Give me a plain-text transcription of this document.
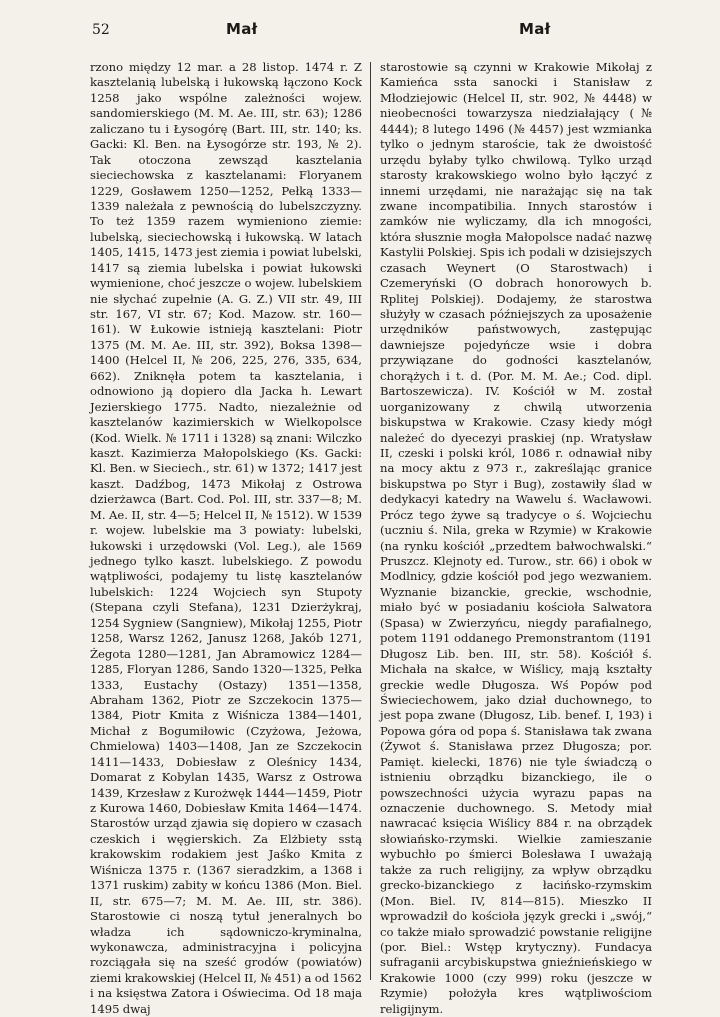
52	Mał	Mał

rzono między 12 mar. a 28 listop. 1474 r. Z kasztelanią lubelską i łukowską łączono Kock 1258 jako wspólne zależności wojew. sandomierskiego (M. M. Ae. III, str. 63); 1286 zaliczano tu i Łysogórę (Bart. III, str. 140; ks. Gacki: Kl. Ben. na Łysogórze str. 193, № 2). Tak otoczona zewsząd kasztelania sieciechowska z kasztelanami: Floryanem 1229, Gosławem 1250—1252, Pełką 1333—1339 należała z pewnością do lubelszczyzny. To też 1359 razem wymieniono ziemie: lubelską, sieciechowską i łukowską. W latach 1405, 1415, 1473 jest ziemia i powiat lubelski, 1417 są ziemia lubelska i powiat łukowski wymienione, choć jeszcze o wojew. lubelskiem nie słychać zupełnie (A. G. Z.) VII str. 49, III str. 167, VI str. 67; Kod. Mazow. str. 160—161). W Łukowie istnieją kasztelani: Piotr 1375 (M. M. Ae. III, str. 392), Boksa 1398—1400 (Helcel II, № 206, 225, 276, 335, 634, 662). Zniknęła potem ta kasztelania, i odnowiono ją dopiero dla Jacka h. Lewart Jezierskiego 1775. Nadto, niezależnie od kasztelanów kazimierskich w Wielkopolsce (Kod. Wielk. № 1711 i 1328) są znani: Wilczko kaszt. Kazimierza Małopolskiego (Ks. Gacki: Kl. Ben. w Sieciech., str. 61) w 1372; 1417 jest kaszt. Dadźbog, 1473 Mikołaj z Ostrowa dzierżawca (Bart. Cod. Pol. III, str. 337—8; M. M. Ae. II, str. 4—5; Helcel II, № 1512). W 1539 r. wojew. lubelskie ma 3 powiaty: lubelski, łukowski i urzędowski (Vol. Leg.), ale 1569 jednego tylko kaszt. lubelskiego. Z powodu wątpliwości, podajemy tu listę kasztelanów lubelskich: 1224 Wojciech syn Stupoty (Stepana czyli Stefana), 1231 Dzierżykraj, 1254 Sygniew (Sangniew), Mikołaj 1255, Piotr 1258, Warsz 1262, Janusz 1268, Jakób 1271, Żegota 1280—1281, Jan Abramowicz 1284—1285, Floryan 1286, Sando 1320—1325, Pełka 1333, Eustachy (Ostazy) 1351—1358, Abraham 1362, Piotr ze Szczekocin 1375—1384, Piotr Kmita z Wiśnicza 1384—1401, Michał z Bogumiłowic (Czyżowa, Jeżowa, Chmielowa) 1403—1408, Jan ze Szczekocin 1411—1433, Dobiesław z Oleśnicy 1434, Domarat z Kobylan 1435, Warsz z Ostrowa 1439, Krzesław z Kurożwęk 1444—1459, Piotr z Kurowa 1460, Dobiesław Kmita 1464—1474. Starostów urząd zjawia się dopiero w czasach czeskich i węgierskich. Za Elżbiety sstą krakowskim rodakiem jest Jaśko Kmita z Wiśnicza 1375 r. (1367 sieradzkim, a 1368 i 1371 ruskim) zabity w końcu 1386 (Mon. Biel. II, str. 675—7; M. M. Ae. III, str. 386). Starostowie ci noszą tytuł jeneralnych bo władza ich sądowniczo-kryminalna, wykonawcza, administracyjna i policyjna rozciągała się na sześć grodów (powiatów) ziemi krakowskiej (Helcel II, № 451) a od 1562 i na księstwa Zatora i Oświecima. Od 18 maja 1495 dwaj

starostowie są czynni w Krakowie Mikołaj z Kamieńca ssta sanocki i Stanisław z Młodziejowic (Helcel II, str. 902, № 4448) w nieobecności towarzysza niedziałający (№ 4444); 8 lutego 1496 (№ 4457) jest wzmianka tylko o jednym staroście, tak że dwoistość urzędu byłaby tylko chwilową. Tylko urząd starosty krakowskiego wolno było łączyć z innemi urzędami, nie narażając się na tak zwane incompatibilia. Innych starostów i zamków nie wyliczamy, dla ich mnogości, która słusznie mogła Małopolsce nadać nazwę Kastylii Polskiej. Spis ich podali w dzisiejszych czasach Weynert (O Starostwach) i Czemeryński (O dobrach honorowych b. Rplitej Polskiej). Dodajemy, że starostwa służyły w czasach późniejszych za uposażenie urzędników państwowych, zastępując dawniejsze pojedyńcze wsie i dobra przywiązane do godności kasztelanów, chorążych i t. d. (Por. M. M. Ae.; Cod. dipl. Bartoszewicza). IV. Kościół w M. został uorganizowany z chwilą utworzenia biskupstwa w Krakowie. Czasy kiedy mógł należeć do dyecezyi praskiej (np. Wratysław II, czeski i polski król, 1086 r. odnawiał niby na mocy aktu z 973 r., zakreślając granice biskupstwa po Styr i Bug), zostawiły ślad w dedykacyi katedry na Wawelu ś. Wacławowi. Prócz tego żywe są tradycye o ś. Wojciechu (uczniu ś. Nila, greka w Rzymie) w Krakowie (na rynku kościół „przedtem bałwochwalski.“ Pruszcz. Klejnoty ed. Turow., str. 66) i obok w Modlnicy, gdzie kościół pod jego wezwaniem. Wyznanie bizanckie, greckie, wschodnie, miało być w posiadaniu kościoła Salwatora (Spasa) w Zwierzyńcu, niegdy parafialnego, potem 1191 oddanego Premonstrantom (1191 Długosz Lib. ben. III, str. 58). Kościół ś. Michała na skałce, w Wiślicy, mają kształty greckie wedle Długosza. Wś Popów pod Świeciechowem, jako dział duchownego, to jest popa zwane (Długosz, Lib. benef. I, 193) i Popowa góra od popa ś. Stanisława tak zwana (Żywot ś. Stanisława przez Długosza; por. Pamięt. kielecki, 1876) nie tyle świadczą o istnieniu obrządku bizanckiego, ile o powszechności użycia wyrazu papas na oznaczenie duchownego. S. Metody miał nawracać księcia Wiślicy 884 r. na obrządek słowiańsko-rzymski. Wielkie zamieszanie wybuchło po śmierci Bolesława I uważają także za ruch religijny, za wpływ obrządku grecko-bizanckiego z łacińsko-rzymskim (Mon. Biel. IV, 814—815). Mieszko II wprowadził do kościoła język grecki i „swój,“ co także miało sprowadzić powstanie religijne (por. Biel.: Wstęp krytyczny). Fundacya sufraganii arcybiskupstwa gnieźnieńskiego w Krakowie 1000 (czy 999) roku (jeszcze w Rzymie) położyła kres wątpliwościom religijnym.
